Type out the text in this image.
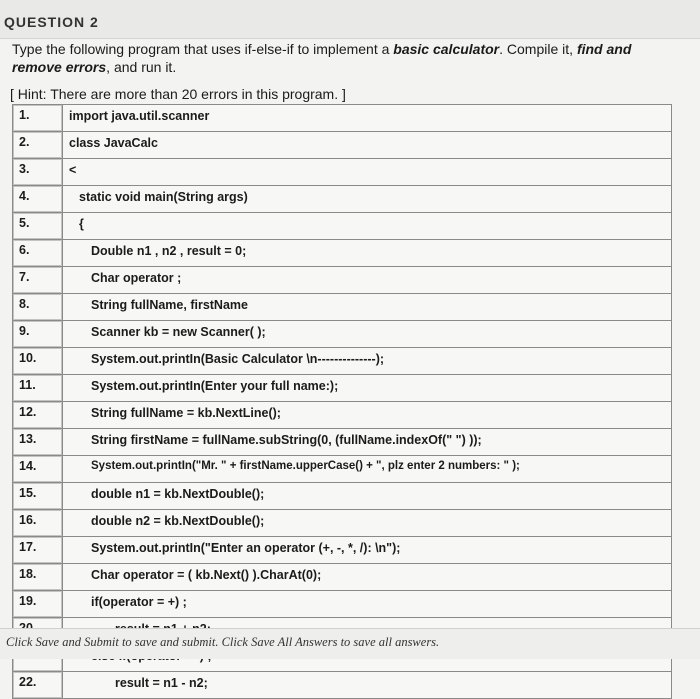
QUESTION 2
Type the following program that uses if-else-if to implement a basic calculator. Compile it, find and remove errors, and run it.
[ Hint: There are more than 20 errors in this program. ]
1.	import java.util.scanner
2.	class JavaCalc
3.	<
4.	static void main(String args)
5.	{
6.	Double n1 , n2 , result = 0;
7.	Char operator ;
8.	String fullName, firstName
9.	Scanner kb = new Scanner( );
10.	System.out.printIn(Basic Calculator \n--------------);
11.	System.out.printIn(Enter your full name:);
12.	String fullName = kb.NextLine();
13.	String firstName = fullName.subString(0, (fullName.indexOf(" ") ));
14.	System.out.printIn("Mr. " + firstName.upperCase() + ", plz enter 2 numbers: " );
15.	double n1 = kb.NextDouble();
16.	double n2 = kb.NextDouble();
17.	System.out.printIn("Enter an operator (+, -, *, /): \n");
18.	Char operator = ( kb.Next() ).CharAt(0);
19.	if(operator = +) ;

22.	result = n1 - n2;
Click Save and Submit to save and submit. Click Save All Answers to save all answers.
